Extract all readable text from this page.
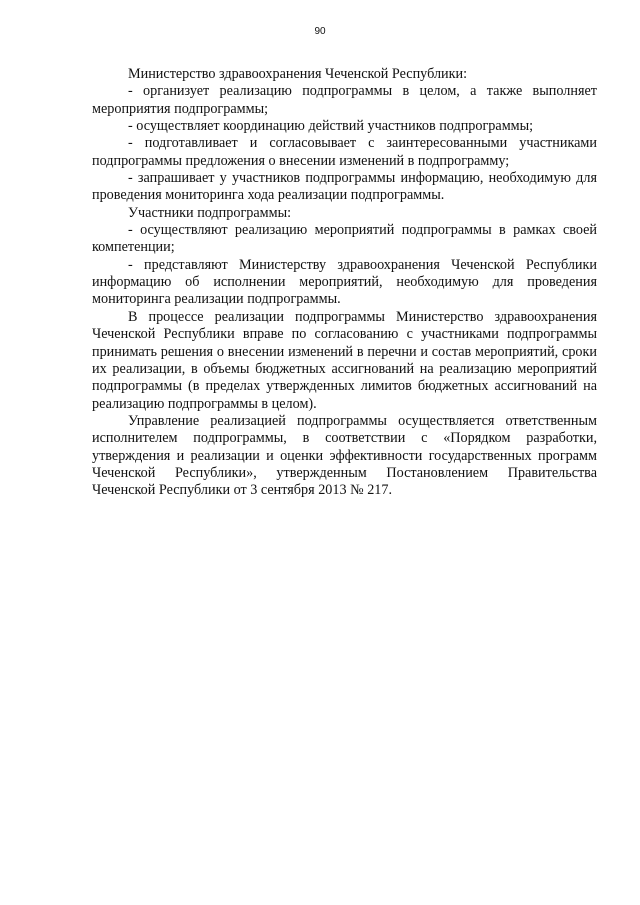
90

Министерство здравоохранения Чеченской Республики:

- организует реализацию подпрограммы в целом, а также выполняет мероприятия подпрограммы;

- осуществляет координацию действий участников подпрограммы;

- подготавливает и согласовывает с заинтересованными участниками подпрограммы предложения о внесении изменений в подпрограмму;

- запрашивает у участников подпрограммы информацию, необходимую для проведения мониторинга хода реализации подпрограммы.

Участники подпрограммы:

- осуществляют реализацию мероприятий подпрограммы в рамках своей компетенции;

- представляют Министерству здравоохранения Чеченской Республики информацию об исполнении мероприятий, необходимую для проведения мониторинга реализации подпрограммы.

В процессе реализации подпрограммы Министерство здравоохранения Чеченской Республики вправе по согласованию с участниками подпрограммы принимать решения о внесении изменений в перечни и состав мероприятий, сроки их реализации, в объемы бюджетных ассигнований на реализацию мероприятий подпрограммы (в пределах утвержденных лимитов бюджетных ассигнований на реализацию подпрограммы в целом).

Управление реализацией подпрограммы осуществляется ответственным исполнителем подпрограммы, в соответствии с «Порядком разработки, утверждения и реализации и оценки эффективности государственных программ Чеченской Республики», утвержденным Постановлением Правительства Чеченской Республики от 3 сентября 2013 № 217.
